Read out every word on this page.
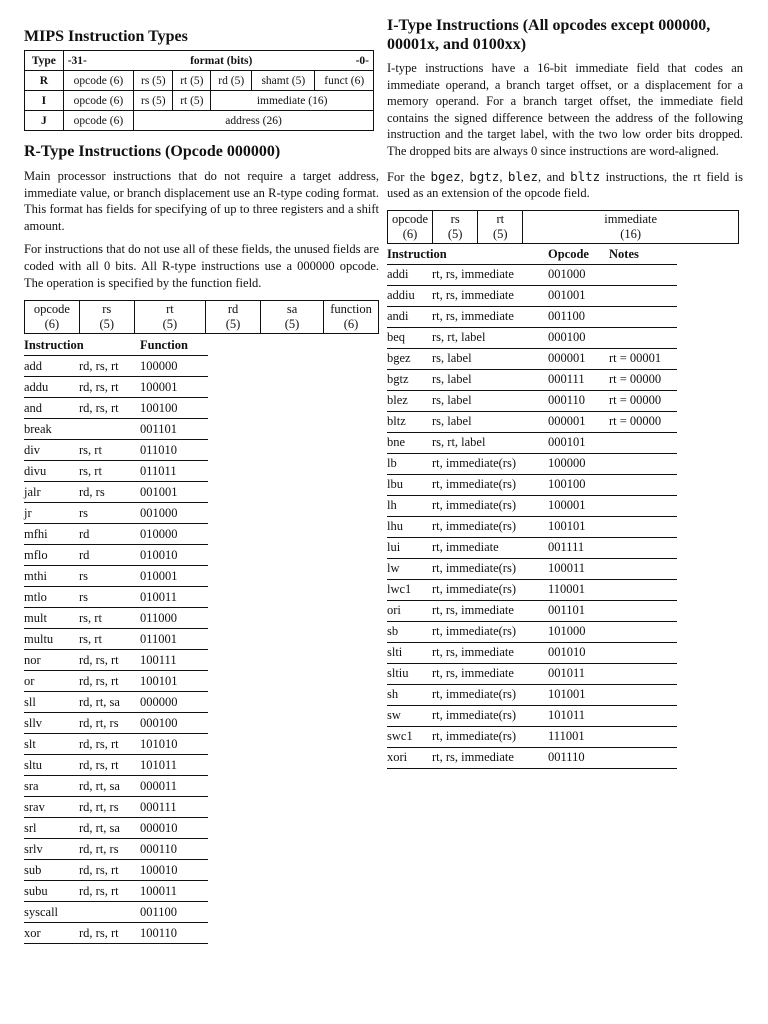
MIPS Instruction Types
Type	-31- format (bits) -0-					

R	opcode (6)	rs (5)	rt (5)	rd (5)	shamt (5)	funct (6)
I	opcode (6)	rs (5)	rt (5)	immediate (16)		
J	opcode (6)	address (26)				
R-Type Instructions (Opcode 000000)

Main processor instructions that do not require a target address, immediate value, or branch displacement use an R-type coding format. This format has fields for specifying of up to three registers and a shift amount.

For instructions that do not use all of these fields, the unused fields are coded with all 0 bits. All R-type instructions use a 000000 opcode. The operation is specified by the function field.

opcode
(6)

rs
(5)

rt
(5)

rd
(5)

sa
(5)

function
(6)
Instruction		Function
add	rd, rs, rt	100000
addu	rd, rs, rt	100001
and	rd, rs, rt	100100
break		001101
div	rs, rt	011010
divu	rs, rt	011011
jalr	rd, rs	001001
jr	rs	001000
mfhi	rd	010000
mflo	rd	010010
mthi	rs	010001
mtlo	rs	010011
mult	rs, rt	011000
multu	rs, rt	011001
nor	rd, rs, rt	100111
or	rd, rs, rt	100101
sll	rd, rt, sa	000000
sllv	rd, rt, rs	000100
slt	rd, rs, rt	101010
sltu	rd, rs, rt	101011
sra	rd, rt, sa	000011
srav	rd, rt, rs	000111
srl	rd, rt, sa	000010
srlv	rd, rt, rs	000110
sub	rd, rs, rt	100010
subu	rd, rs, rt	100011
syscall		001100
xor	rd, rs, rt	100110
I-Type Instructions (All opcodes except 000000, 00001x, and 0100xx)

I-type instructions have a 16-bit immediate field that codes an immediate operand, a branch target offset, or a displacement for a memory operand. For a branch target offset, the immediate field contains the signed difference between the address of the following instruction and the target label, with the two low order bits dropped. The dropped bits are always 0 since instructions are word-aligned.

For the bgez, bgtz, blez, and bltz instructions, the rt field is used as an extension of the opcode field.

opcode
(6)

rs
(5)

rt
(5)

immediate
(16)
Instruction		Opcode	Notes
addi	rt, rs, immediate	001000	
addiu	rt, rs, immediate	001001	
andi	rt, rs, immediate	001100	
beq	rs, rt, label	000100	
bgez	rs, label	000001	rt = 00001
bgtz	rs, label	000111	rt = 00000
blez	rs, label	000110	rt = 00000
bltz	rs, label	000001	rt = 00000
bne	rs, rt, label	000101	
lb	rt, immediate(rs)	100000	
lbu	rt, immediate(rs)	100100	
lh	rt, immediate(rs)	100001	
lhu	rt, immediate(rs)	100101	
lui	rt, immediate	001111	
lw	rt, immediate(rs)	100011	
lwc1	rt, immediate(rs)	110001	
ori	rt, rs, immediate	001101	
sb	rt, immediate(rs)	101000	
slti	rt, rs, immediate	001010	
sltiu	rt, rs, immediate	001011	
sh	rt, immediate(rs)	101001	
sw	rt, immediate(rs)	101011	
swc1	rt, immediate(rs)	111001	
xori	rt, rs, immediate	001110	
